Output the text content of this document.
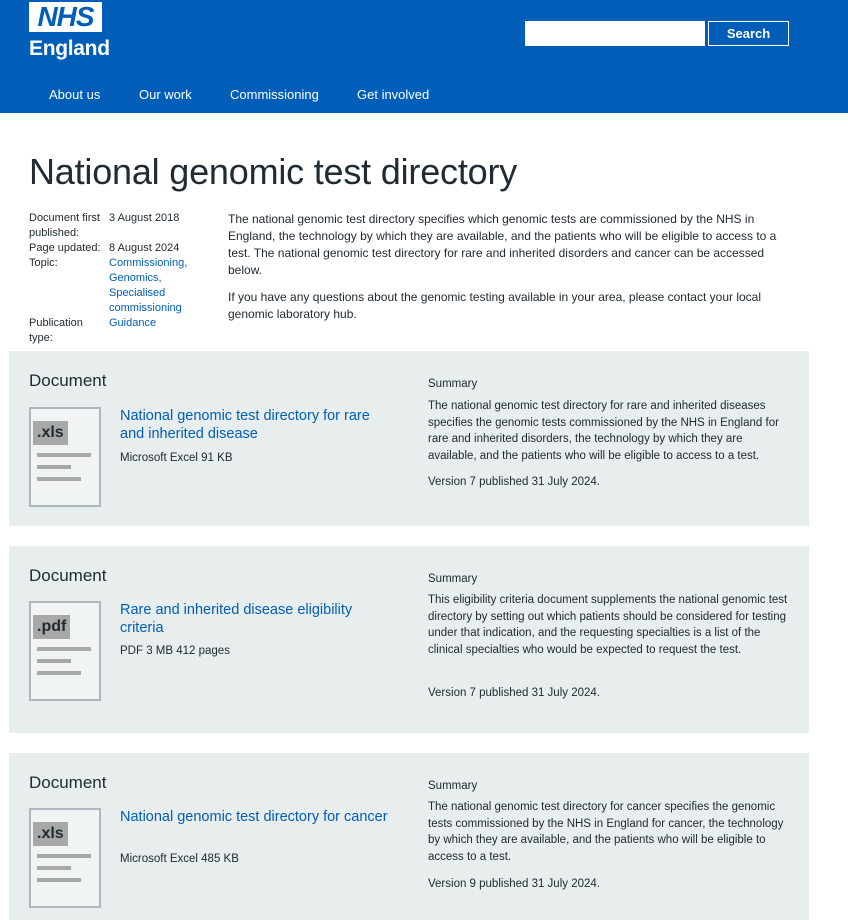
NHS
England
Search
About us	Our work	Commissioning	Get involved
National genomic test directory
Document first published:
3 August 2018
Page updated: 8 August 2024
Topic:	Commissioning,
Genomics,
Specialised commissioning
Publication type:
Guidance

The national genomic test directory specifies which genomic tests are commissioned by the NHS in England, the technology by which they are available, and the patients who will be eligible to access to a test. The national genomic test directory for rare and inherited disorders and cancer can be accessed below.

If you have any questions about the genomic testing available in your area, please contact your local genomic laboratory hub.

Document
.xls
National genomic test directory for rare and inherited disease
Microsoft Excel 91 KB
Summary
The national genomic test directory for rare and inherited diseases specifies the genomic tests commissioned by the NHS in England for rare and inherited disorders, the technology by which they are available, and the patients who will be eligible to access to a test.
Version 7 published 31 July 2024.
Document
.pdf
Rare and inherited disease eligibility criteria
PDF 3 MB 412 pages
Summary
This eligibility criteria document supplements the national genomic test directory by setting out which patients should be considered for testing under that indication, and the requesting specialties is a list of the clinical specialties who would be expected to request the test.
Version 7 published 31 July 2024.
Document
.xls
National genomic test directory for cancer
Microsoft Excel 485 KB
Summary
The national genomic test directory for cancer specifies the genomic tests commissioned by the NHS in England for cancer, the technology by which they are available, and the patients who will be eligible to access to a test.
Version 9 published 31 July 2024.
